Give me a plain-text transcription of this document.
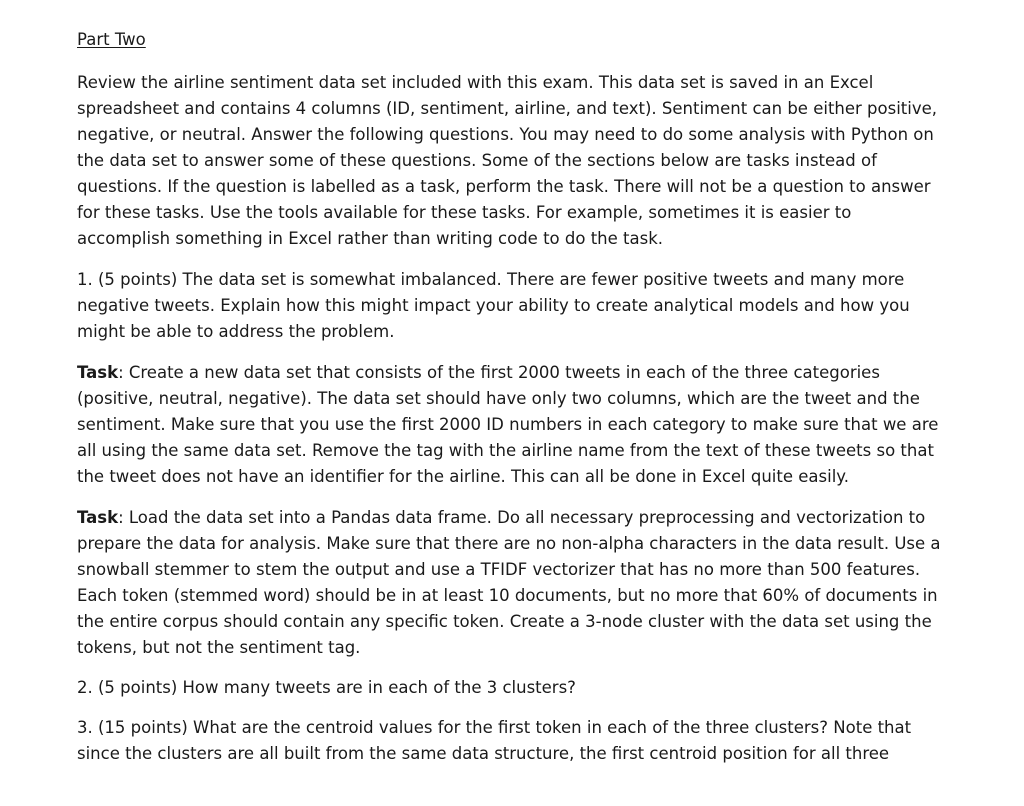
Part Two
Review the airline sentiment data set included with this exam. This data set is saved in an Excel
spreadsheet and contains 4 columns (ID, sentiment, airline, and text). Sentiment can be either positive,
negative, or neutral. Answer the following questions. You may need to do some analysis with Python on
the data set to answer some of these questions. Some of the sections below are tasks instead of
questions. If the question is labelled as a task, perform the task. There will not be a question to answer
for these tasks. Use the tools available for these tasks. For example, sometimes it is easier to
accomplish something in Excel rather than writing code to do the task.
1. (5 points) The data set is somewhat imbalanced. There are fewer positive tweets and many more
negative tweets. Explain how this might impact your ability to create analytical models and how you
might be able to address the problem.
Task: Create a new data set that consists of the first 2000 tweets in each of the three categories
(positive, neutral, negative). The data set should have only two columns, which are the tweet and the
sentiment. Make sure that you use the first 2000 ID numbers in each category to make sure that we are
all using the same data set. Remove the tag with the airline name from the text of these tweets so that
the tweet does not have an identifier for the airline. This can all be done in Excel quite easily.
Task: Load the data set into a Pandas data frame. Do all necessary preprocessing and vectorization to
prepare the data for analysis. Make sure that there are no non-alpha characters in the data result. Use a
snowball stemmer to stem the output and use a TFIDF vectorizer that has no more than 500 features.
Each token (stemmed word) should be in at least 10 documents, but no more that 60% of documents in
the entire corpus should contain any specific token. Create a 3-node cluster with the data set using the
tokens, but not the sentiment tag.
2. (5 points) How many tweets are in each of the 3 clusters?
3. (15 points) What are the centroid values for the first token in each of the three clusters? Note that
since the clusters are all built from the same data structure, the first centroid position for all three
